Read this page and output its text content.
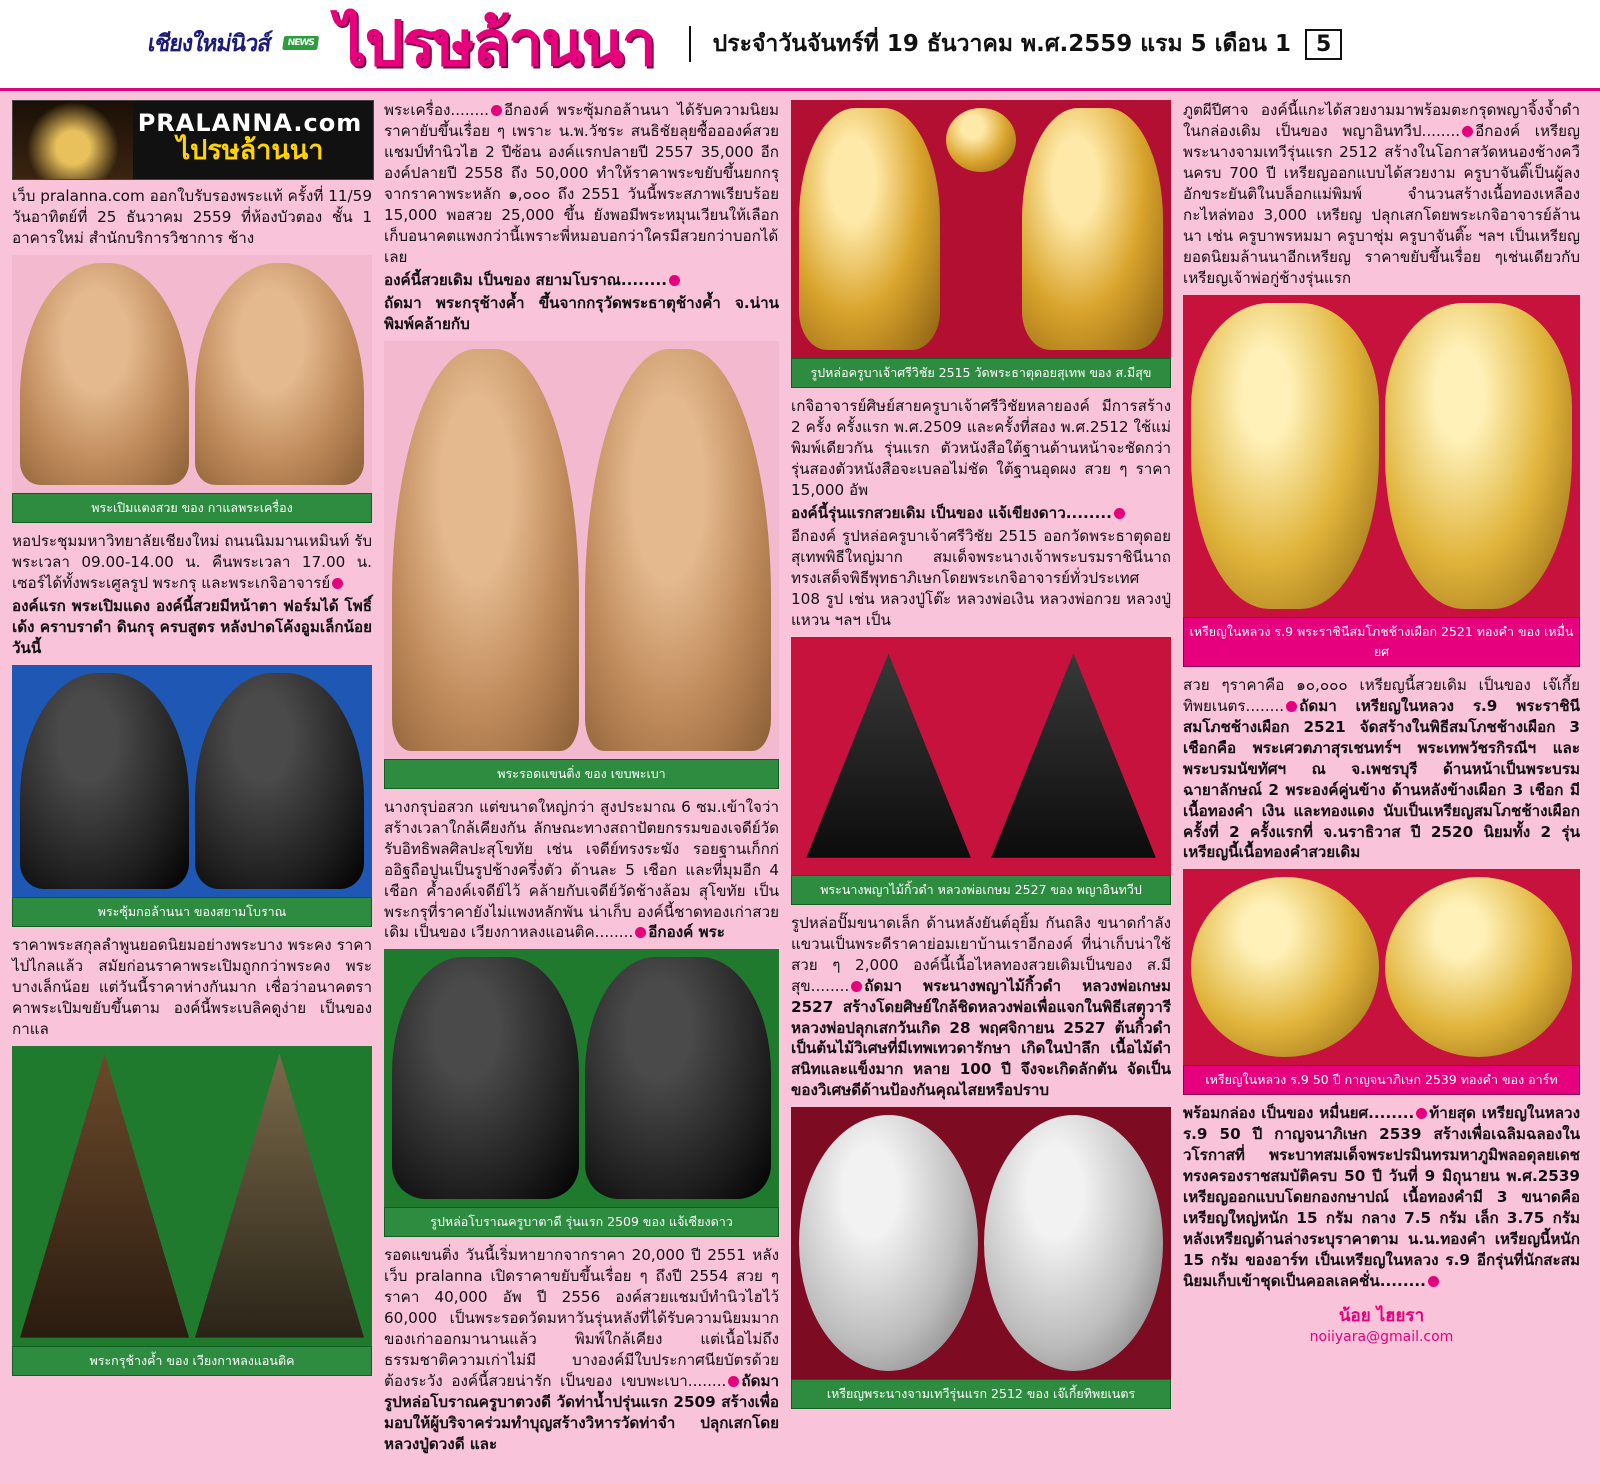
เชียงใหม่นิวส์ NEWS ไปรษล้านนา	ประจำวันจันทร์ที่ 19 ธันวาคม พ.ศ.2559 แรม 5 เดือน 1	5
PRALANNA.com
ไปรษล้านนา

เว็บ pralanna.com ออกใบรับรองพระแท้ ครั้งที่ 11/59 วันอาทิตย์ที่ 25 ธันวาคม 2559 ที่ห้องบัวตอง ชั้น 1 อาคารใหม่ สำนักบริการวิชาการ ช้าง

พระเปิมแตงสวย ของ กาแลพระเครื่อง

หอประชุมมหาวิทยาลัยเชียงใหม่ ถนนนิมมานเหมินท์ รับพระเวลา 09.00-14.00 น. คืนพระเวลา 17.00 น. เซอร์ได้ทั้งพระเศูลรูป พระกรุ และพระเกจิอาจารย์

องค์แรก พระเปิมแดง องค์นี้สวยมีหน้าตา ฟอร์มได้ โพธิ์เด้ง คราบราดำ ดินกรุ ครบสูตร หลังปาดโค้งอูมเล็กน้อย วันนี้

พระซุ้มกอล้านนา ของสยามโบราณ

ราคาพระสกุลลำพูนยอดนิยมอย่างพระบาง พระคง ราคาไปไกลแล้ว สมัยก่อนราคาพระเปิมถูกกว่าพระคง พระบางเล็กน้อย แต่วันนี้ราคาห่างกันมาก เชื่อว่าอนาคตราคาพระเปิมขยับขึ้นตาม องค์นี้พระเบลิคดูง่าย เป็นของ กาแล

พระกรุช้างค้ำ ของ เวียงกาหลงแอนติค

พระเครื่อง........ อีกองค์ พระซุ้มกอล้านนา ได้รับความนิยมราคายับขึ้นเรื่อย ๆ เพราะ น.พ.วัชระ สนธิชัยลุยซื้ออองค์สวยแชมป์ทำนิวไฮ 2 ปีซ้อน องค์แรกปลายปี 2557 35,000 อีกองค์ปลายปี 2558 ถึง 50,000 ทำให้ราคาพระขยับขึ้นยกกรุจากราคาพระหลัก ๑,๐๐๐ ถึง 2551 วันนี้พระสภาพเรียบร้อย 15,000 พอสวย 25,000 ขึ้น ยังพอมีพระหมุนเวียนให้เลือกเก็บอนาคตแพงกว่านี้เพราะพี่หมอบอกว่าใครมีสวยกว่าบอกได้เลย

องค์นี้สวยเดิม เป็นของ สยามโบราณ........

ถัดมา พระกรุช้างค้ำ ขึ้นจากกรุวัดพระธาตุช้างค้ำ จ.น่าน พิมพ์คล้ายกับ

พระรอดแขนติ่ง ของ เขบพะเบา

นางกรุบ่อสวก แต่ขนาดใหญ่กว่า สูงประมาณ 6 ซม.เข้าใจว่าสร้างเวลาใกล้เคียงกัน ลักษณะทางสถาปัตยกรรมของเจดีย์วัดรับอิทธิพลศิลปะสุโขทัย เช่น เจดีย์ทรงระฆัง รอยฐานเก็กก่ออิฐถือปูนเป็นรูปช้างครึ่งตัว ด้านละ 5 เชือก และที่มุมอีก 4 เชือก ค้ำองค์เจดีย์ไว้ คล้ายกับเจดีย์วัดช้างล้อม สุโขทัย เป็นพระกรุที่ราคายังไม่แพงหลักพัน น่าเก็บ องค์นี้ชาดทองเก่าสวยเดิม เป็นของ เวียงกาหลงแอนติค........ อีกองค์ พระ

รูปหล่อโบราณครูบาตาดี รุ่นแรก 2509 ของ แจ้เซียงดาว

รอดแขนติ่ง วันนี้เริ่มหายากจากราคา 20,000 ปี 2551 หลังเว็บ pralanna เปิดราคาขยับขึ้นเรื่อย ๆ ถึงปี 2554 สวย ๆ ราคา 40,000 อัพ ปี 2556 องค์สวยแชมป์ทำนิวไฮไว้ 60,000 เป็นพระรอดวัดมหาวันรุ่นหลังที่ได้รับความนิยมมาก ของเก่าออกมานานแล้ว พิมพ์ใกล้เคียง แต่เนื้อไม่ถึง ธรรมชาติความเก่าไม่มี บางองค์มีใบประกาศนียบัตรด้วย ต้องระวัง องค์นี้สวยน่ารัก เป็นของ เขบพะเบา........ ถัดมา รูปหล่อโบราณครูบาตวงดี วัดท่าน้ำปรุ่นแรก 2509 สร้างเพื่อมอบให้ผู้บริจาคร่วมทำบุญสร้างวิหารวัดท่าจำ ปลุกเสกโดยหลวงปู่ดวงดี และ

รูปหล่อครูบาเจ้าศรีวิชัย 2515 วัดพระธาตุดอยสุเทพ ของ ส.มีสุข

เกจิอาจารย์ศิษย์สายครูบาเจ้าศรีวิชัยหลายองค์ มีการสร้าง 2 ครั้ง ครั้งแรก พ.ศ.2509 และครั้งที่สอง พ.ศ.2512 ใช้แม่พิมพ์เดียวกัน รุ่นแรก ตัวหนังสือใต้ฐานด้านหน้าจะชัดกว่า รุ่นสองตัวหนังสือจะเบลอไม่ชัด ใต้ฐานอุดผง สวย ๆ ราคา 15,000 อัพ

องค์นี้รุ่นแรกสวยเดิม เป็นของ แจ้เขียงดาว........

อีกองค์ รูปหล่อครูบาเจ้าศรีวิชัย 2515 ออกวัดพระธาตุดอยสุเทพพิธีใหญ่มาก สมเด็จพระนางเจ้าพระบรมราชินีนาถทรงเสด็จพิธีพุทธาภิเษกโดยพระเกจิอาจารย์ทั่วประเทศ 108 รูป เช่น หลวงปู่โต๊ะ หลวงพ่อเงิน หลวงพ่อกวย หลวงปู่แหวน ฯลฯ เป็น

พระนางพญาไม้กิ้วดำ หลวงพ่อเกษม 2527 ของ พญาอินทวีป

รูปหล่อปั๊มขนาดเล็ก ด้านหลังยันต์อุยิ้ม กันถลิง ขนาดกำลังแขวนเป็นพระดีราคาย่อมเยาบ้านเราอีกองค์ ที่น่าเก็บน่าใช้ สวย ๆ 2,000 องค์นี้เนื้อไหลทองสวยเดิมเป็นของ ส.มีสุข........ ถัดมา พระนางพญาไม้กิ้วดำ หลวงพ่อเกษม 2527 สร้างโดยศิษย์ใกล้ชิดหลวงพ่อเพื่อแจกในพิธีเสตุวารี หลวงพ่อปลุกเสกวันเกิด 28 พฤศจิกายน 2527 ต้นกิ้วดำเป็นต้นไม้วิเศษที่มีเทพเทวดารักษา เกิดในป่าลึก เนื้อไม้ดำสนิทและแข็งมาก หลาย 100 ปี จึงจะเกิดลักตัน จัดเป็นของวิเศษดีด้านป้องกันคุณไสยหรือปราบ

เหรียญพระนางจามเทวีรุ่นแรก 2512 ของ เจ๊เกี้ยทิพยเนตร

ภูตผีปีศาจ องค์นี้แกะได้สวยงามมาพร้อมตะกรุดพญาจิ้งจ้ำดำในกล่องเดิม เป็นของ พญาอินทวีป........ อีกองค์ เหรียญพระนางจามเทวีรุ่นแรก 2512 สร้างในโอกาสวัดหนองช้างควืนครบ 700 ปี เหรียญออกแบบได้สวยงาม ครูบาจันติ๊เป็นผู้ลงอักขระยันติในบล็อกแม่พิมพ์ จำนวนสร้างเนื้อทองเหลืองกะไหล่ทอง 3,000 เหรียญ ปลุกเสกโดยพระเกจิอาจารย์ล้านนา เช่น ครูบาพรหมมา ครูบาชุ่ม ครูบาจันติ๊ะ ฯลฯ เป็นเหรียญยอดนิยมล้านนาอีกเหรียญ ราคาขยับขึ้นเรื่อย ๆเช่นเดียวกับเหรียญเจ้าพ่อกู่ช้างรุ่นแรก

เหรียญในหลวง ร.9 พระราชินีสมโภชช้างเผือก 2521 ทองคำ ของ เหมื่นยศ

สวย ๆราคาคือ ๑๐,๐๐๐ เหรียญนี้สวยเดิม เป็นของ เจ๊เกี้ยทิพยเนตร........ ถัดมา เหรียญในหลวง ร.9 พระราชินีสมโภชช้างเผือก 2521 จัดสร้างในพิธีสมโภชช้างเผือก 3 เชือกคือ พระเศวตภาสุรเชนทร์ฯ พระเทพวัชรกิรณีฯ และพระบรมนัขทัศฯ ณ จ.เพชรบุรี ด้านหน้าเป็นพระบรมฉายาลักษณ์ 2 พระองค์คู่นข้าง ด้านหลังข้างเผือก 3 เชือก มี เนื้อทองคำ เงิน และทองแดง นับเป็นเหรียญสมโภชช้างเผือกครั้งที่ 2 ครั้งแรกที่ จ.นราธิวาส ปี 2520 นิยมทั้ง 2 รุ่น เหรียญนี้เนื้อทองคำสวยเดิม

เหรียญในหลวง ร.9 50 ปี กาญจนาภิเษก 2539 ทองคำ ของ อาร์ท

พร้อมกล่อง เป็นของ หมื่นยศ........ ท้ายสุด เหรียญในหลวง ร.9 50 ปี กาญจนาภิเษก 2539 สร้างเพื่อเฉลิมฉลองในวโรกาสที่ พระบาทสมเด็จพระปรมินทรมหาภูมิพลอดุลยเดชทรงครองราชสมบัติครบ 50 ปี วันที่ 9 มิถุนายน พ.ศ.2539 เหรียญออกแบบโดยกองกษาปณ์ เนื้อทองคำมี 3 ขนาดคือ เหรียญใหญ่หนัก 15 กรัม กลาง 7.5 กรัม เล็ก 3.75 กรัม หลังเหรียญด้านล่างระบุราคาตาม น.น.ทองคำ เหรียญนี้หนัก 15 กรัม ของอาร์ท เป็นเหรียญในหลวง ร.9 อีกรุ่นที่นักสะสมนิยมเก็บเข้าชุดเป็นคอลเลคชั่น........

น้อย ไฮยรา
noiiyara@gmail.com
